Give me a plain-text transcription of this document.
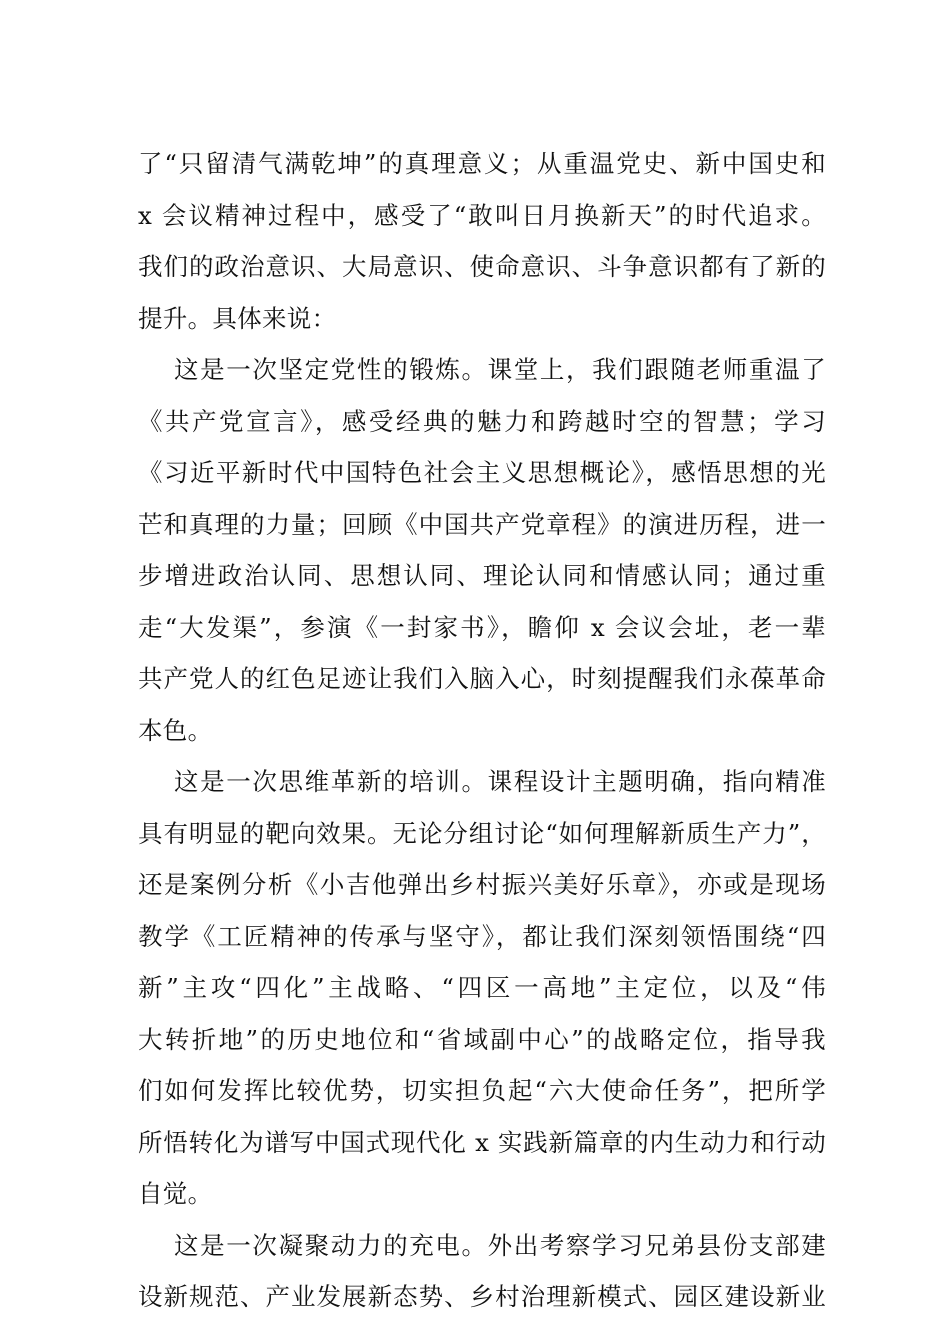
了“只留清气满乾坤”的真理意义；从重温党史、新中国史和
x 会议精神过程中，感受了“敢叫日月换新天”的时代追求。
我们的政治意识、大局意识、使命意识、斗争意识都有了新的
提升。具体来说：
这是一次坚定党性的锻炼。课堂上，我们跟随老师重温了
《共产党宣言》，感受经典的魅力和跨越时空的智慧；学习
《习近平新时代中国特色社会主义思想概论》，感悟思想的光
芒和真理的力量；回顾《中国共产党章程》的演进历程，进一
步增进政治认同、思想认同、理论认同和情感认同；通过重
走“大发渠”，参演《一封家书》，瞻仰 x 会议会址，老一辈
共产党人的红色足迹让我们入脑入心，时刻提醒我们永葆革命
本色。
这是一次思维革新的培训。课程设计主题明确，指向精准
具有明显的靶向效果。无论分组讨论“如何理解新质生产力”，
还是案例分析《小吉他弹出乡村振兴美好乐章》，亦或是现场
教学《工匠精神的传承与坚守》，都让我们深刻领悟围绕“四
新”主攻“四化”主战略、“四区一高地”主定位，以及“伟
大转折地”的历史地位和“省域副中心”的战略定位，指导我
们如何发挥比较优势，切实担负起“六大使命任务”，把所学
所悟转化为谱写中国式现代化 x 实践新篇章的内生动力和行动
自觉。
这是一次凝聚动力的充电。外出考察学习兄弟县份支部建
设新规范、产业发展新态势、乡村治理新模式、园区建设新业
